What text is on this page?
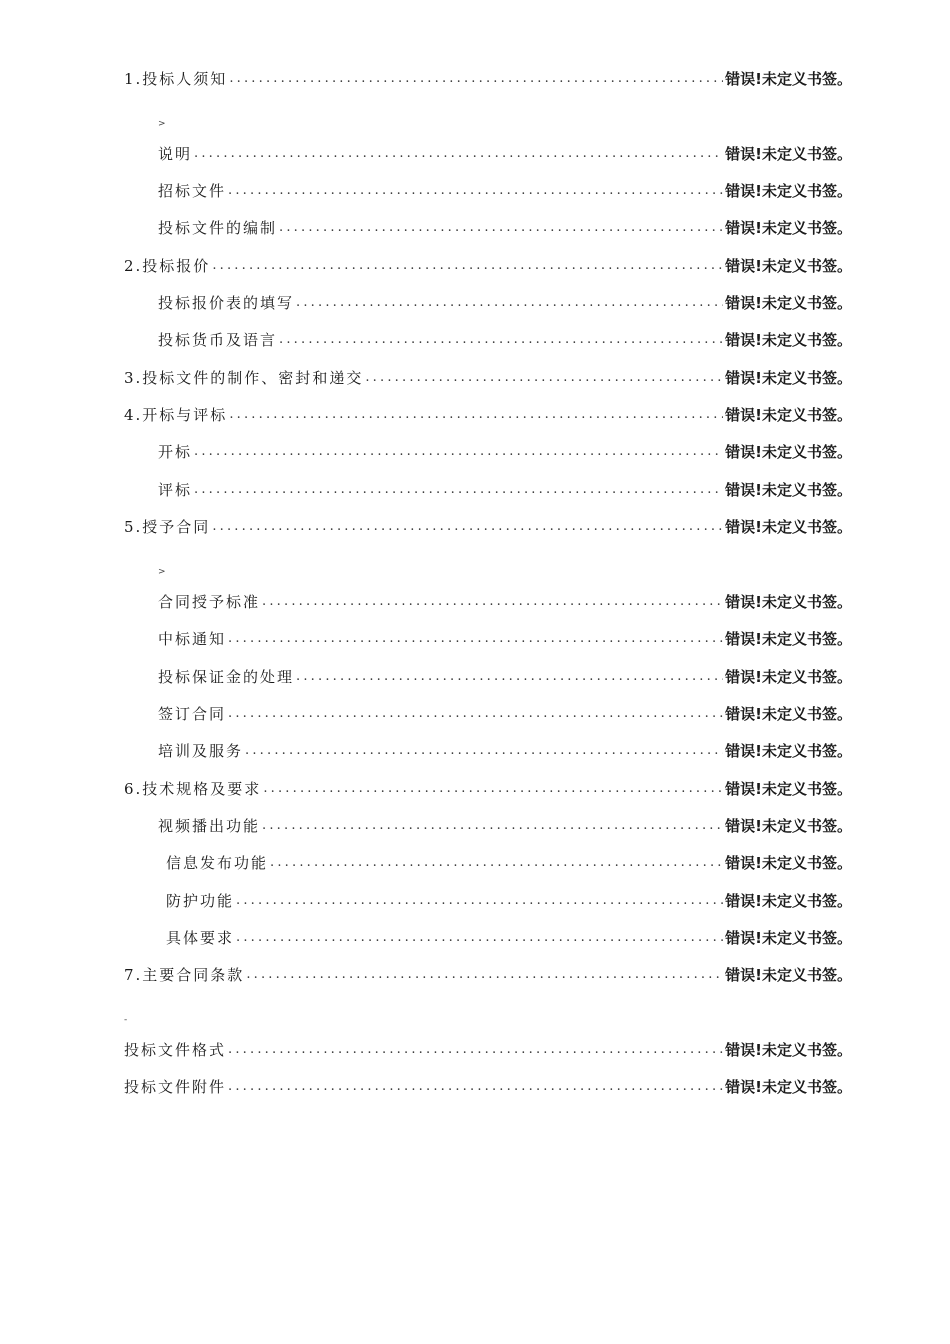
1.投标人须知 .....	错误!未定义书签。
>
说明 .....	错误!未定义书签。
招标文件 .....	错误!未定义书签。
投标文件的编制 .....	错误!未定义书签。
2.投标报价 .....	错误!未定义书签。
投标报价表的填写 .....	错误!未定义书签。
投标货币及语言 .....	错误!未定义书签。
3.投标文件的制作、密封和递交 .....	错误!未定义书签。
4.开标与评标 .....	错误!未定义书签。
开标 .....	错误!未定义书签。
评标 .....	错误!未定义书签。
5.授予合同 .....	错误!未定义书签。
>
合同授予标准 .....	错误!未定义书签。
中标通知 .....	错误!未定义书签。
投标保证金的处理 .....	错误!未定义书签。
签订合同 .....	错误!未定义书签。
培训及服务 .....	错误!未定义书签。
6.技术规格及要求 .....	错误!未定义书签。
视频播出功能 .....	错误!未定义书签。
信息发布功能 .....	错误!未定义书签。
防护功能 .....	错误!未定义书签。
具体要求 .....	错误!未定义书签。
7.主要合同条款 .....	错误!未定义书签。
-
投标文件格式 .....	错误!未定义书签。
投标文件附件 .....	错误!未定义书签。
